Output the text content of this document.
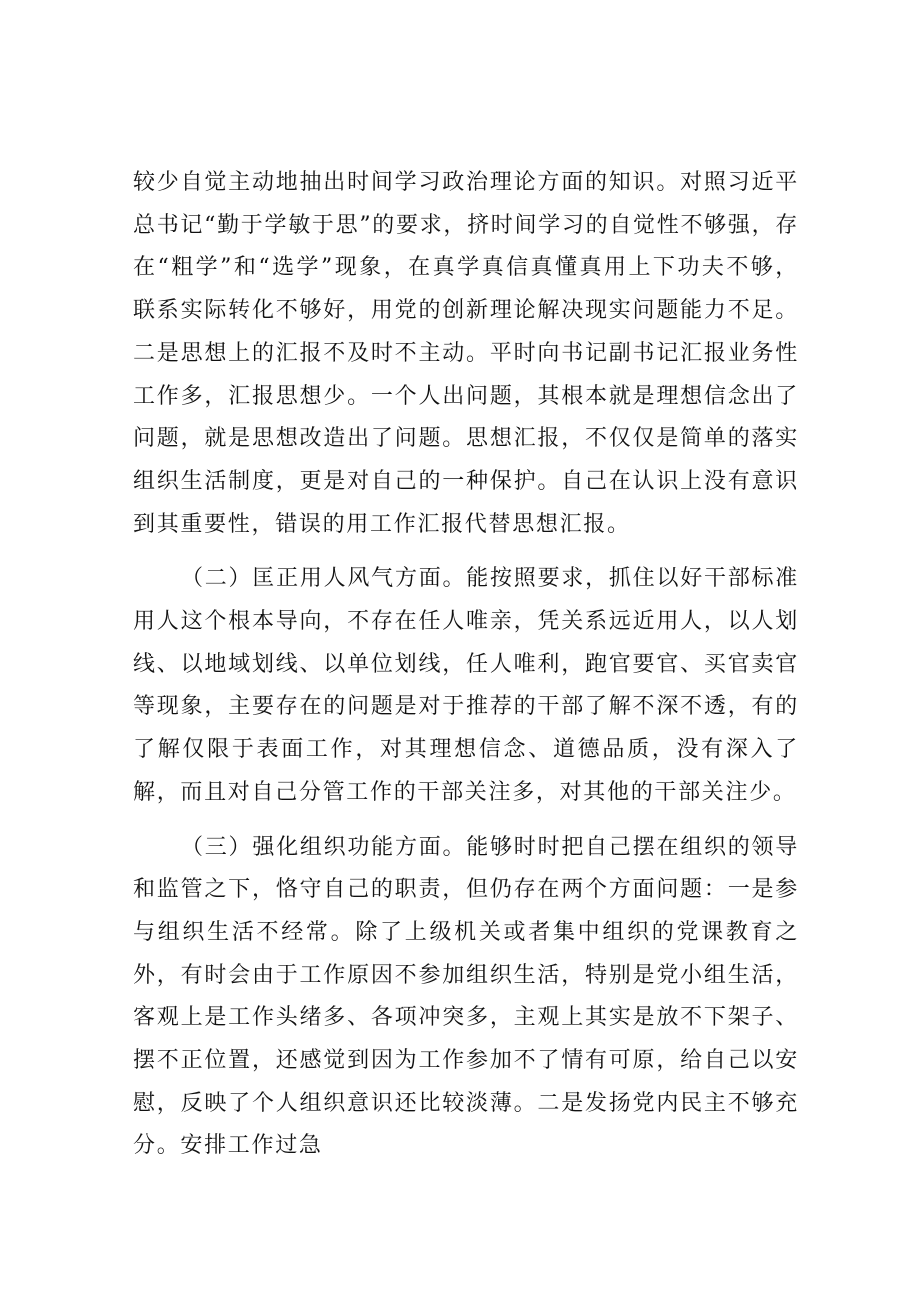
较少自觉主动地抽出时间学习政治理论方面的知识。对照习近平总书记“勤于学敏于思”的要求，挤时间学习的自觉性不够强，存在“粗学”和“选学”现象，在真学真信真懂真用上下功夫不够，联系实际转化不够好，用党的创新理论解决现实问题能力不足。二是思想上的汇报不及时不主动。平时向书记副书记汇报业务性工作多，汇报思想少。一个人出问题，其根本就是理想信念出了问题，就是思想改造出了问题。思想汇报，不仅仅是简单的落实组织生活制度，更是对自己的一种保护。自己在认识上没有意识到其重要性，错误的用工作汇报代替思想汇报。

（二）匡正用人风气方面。能按照要求，抓住以好干部标准用人这个根本导向，不存在任人唯亲，凭关系远近用人，以人划线、以地域划线、以单位划线，任人唯利，跑官要官、买官卖官等现象，主要存在的问题是对于推荐的干部了解不深不透，有的了解仅限于表面工作，对其理想信念、道德品质，没有深入了解，而且对自己分管工作的干部关注多，对其他的干部关注少。

（三）强化组织功能方面。能够时时把自己摆在组织的领导和监管之下，恪守自己的职责，但仍存在两个方面问题：一是参与组织生活不经常。除了上级机关或者集中组织的党课教育之外，有时会由于工作原因不参加组织生活，特别是党小组生活，客观上是工作头绪多、各项冲突多，主观上其实是放不下架子、摆不正位置，还感觉到因为工作参加不了情有可原，给自己以安慰，反映了个人组织意识还比较淡薄。二是发扬党内民主不够充分。安排工作过急
